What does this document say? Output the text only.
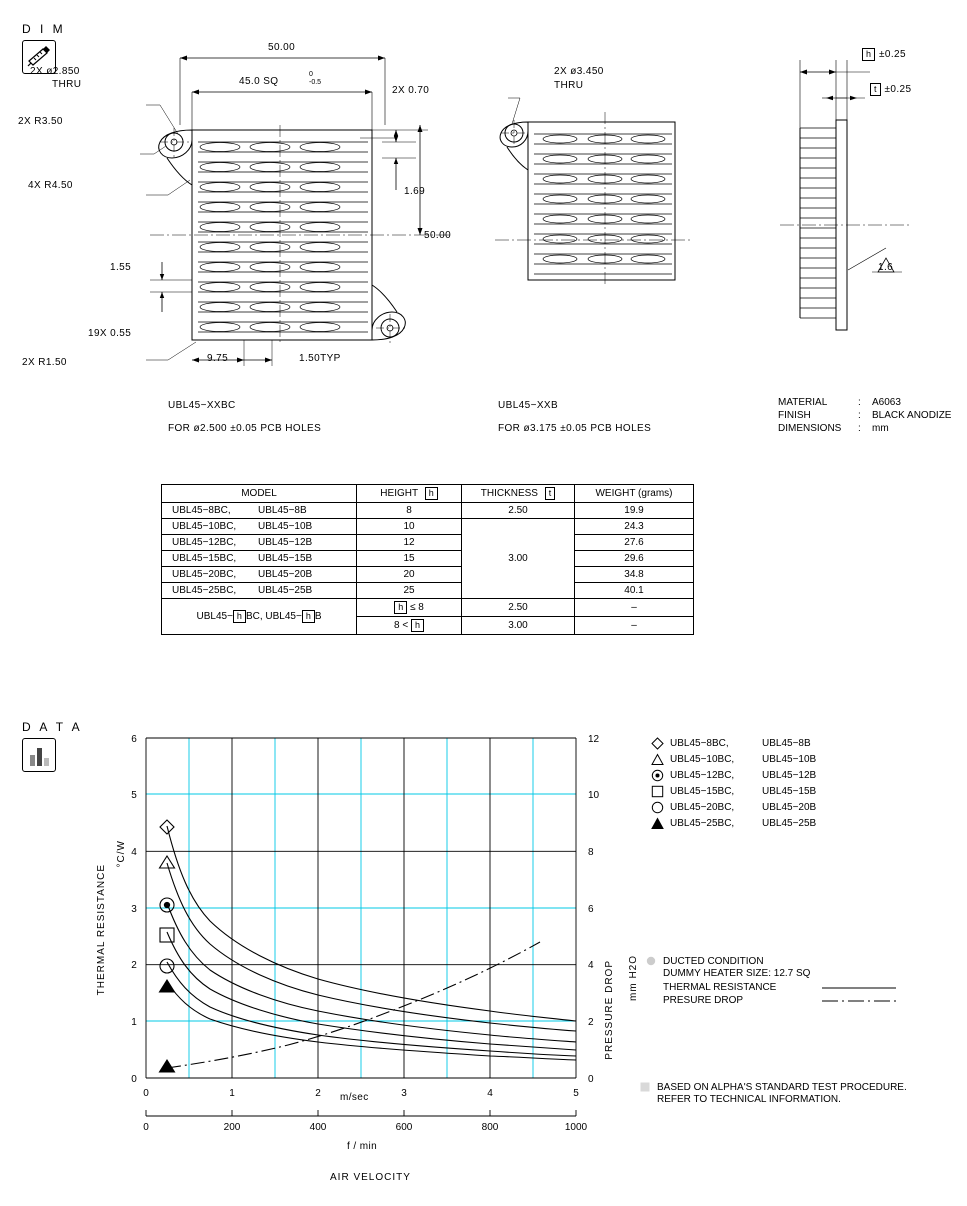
D I M
50.00
45.0 SQ
0
-0.5
2X ø2.850
THRU
2X R3.50
4X R4.50
2X R1.50
2X 0.70
1.69
50.00
1.55
19X 0.55
9.75	1.50TYP
UBL45−XXBC
FOR ø2.500 ±0.05 PCB HOLES
2X ø3.450
THRU
UBL45−XXB
FOR ø3.175 ±0.05 PCB HOLES
h ±0.25
t ±0.25
1.6
MATERIAL	:	A6063
FINISH	:	BLACK ANODIZE
DIMENSIONS	:	mm
MODEL	HEIGHT h	THICKNESS t	WEIGHT (grams)
UBL45−8BC, UBL45−8B	8	2.50	19.9
UBL45−10BC, UBL45−10B	10	3.00	24.3
UBL45−12BC, UBL45−12B	12		27.6
UBL45−15BC, UBL45−15B	15		29.6
UBL45−20BC, UBL45−20B	20		34.8
UBL45−25BC, UBL45−25B	25		40.1
UBL45− h BC, UBL45− h B	h ≤ 8	2.50	–
	8 < h	3.00	–
D A T A
6
5
4
3
2
1
0
12
10
8
6
4
2
0
0	1	2	3	4	5
0	200	400	600	800	1000
THERMAL RESISTANCE
°C/W
PRESSURE DROP mm H2O
m/sec
f / min
AIR VELOCITY
UBL45−8BC,	UBL45−8B
UBL45−10BC,	UBL45−10B
UBL45−12BC,	UBL45−12B
UBL45−15BC,	UBL45−15B
UBL45−20BC,	UBL45−20B
UBL45−25BC,	UBL45−25B
DUCTED CONDITION
DUMMY HEATER SIZE: 12.7 SQ
THERMAL RESISTANCE
PRESURE DROP
BASED ON ALPHA'S STANDARD TEST PROCEDURE.
REFER TO TECHNICAL INFORMATION.
